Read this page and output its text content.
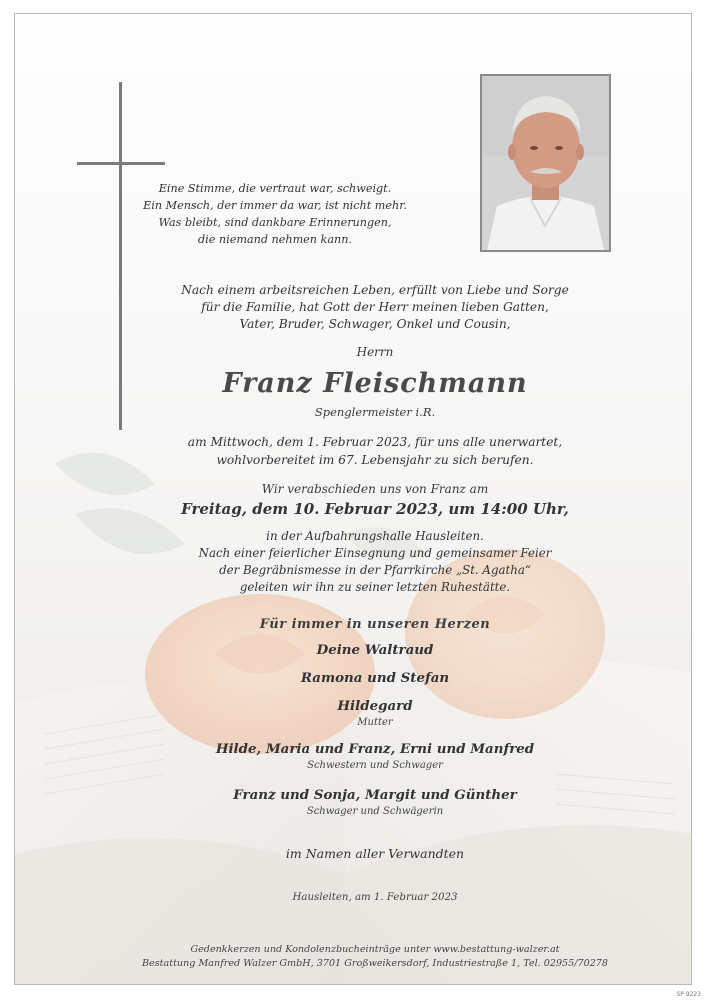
Eine Stimme, die vertraut war, schweigt.
Ein Mensch, der immer da war, ist nicht mehr.
Was bleibt, sind dankbare Erinnerungen,
die niemand nehmen kann.
Nach einem arbeitsreichen Leben, erfüllt von Liebe und Sorge
für die Familie, hat Gott der Herr meinen lieben Gatten,
Vater, Bruder, Schwager, Onkel und Cousin,
Herrn
Franz Fleischmann
Spenglermeister i.R.
am Mittwoch, dem 1. Februar 2023, für uns alle unerwartet,
wohlvorbereitet im 67. Lebensjahr zu sich berufen.
Wir verabschieden uns von Franz am
Freitag, dem 10. Februar 2023, um 14:00 Uhr,
in der Aufbahrungshalle Hausleiten.
Nach einer feierlicher Einsegnung und gemeinsamer Feier
der Begräbnismesse in der Pfarrkirche „St. Agatha“
geleiten wir ihn zu seiner letzten Ruhestätte.
Für immer in unseren Herzen
Deine Waltraud
Ramona und Stefan
Hildegard
Mutter
Hilde, Maria und Franz, Erni und Manfred
Schwestern und Schwager
Franz und Sonja, Margit und Günther
Schwager und Schwägerin
im Namen aller Verwandten
Hausleiten, am 1. Februar 2023
Gedenkkerzen und Kondolenzbucheinträge unter www.bestattung-walzer.at
Bestattung Manfred Walzer GmbH, 3701 Großweikersdorf, Industriestraße 1, Tel. 02955/70278
SP 9223
